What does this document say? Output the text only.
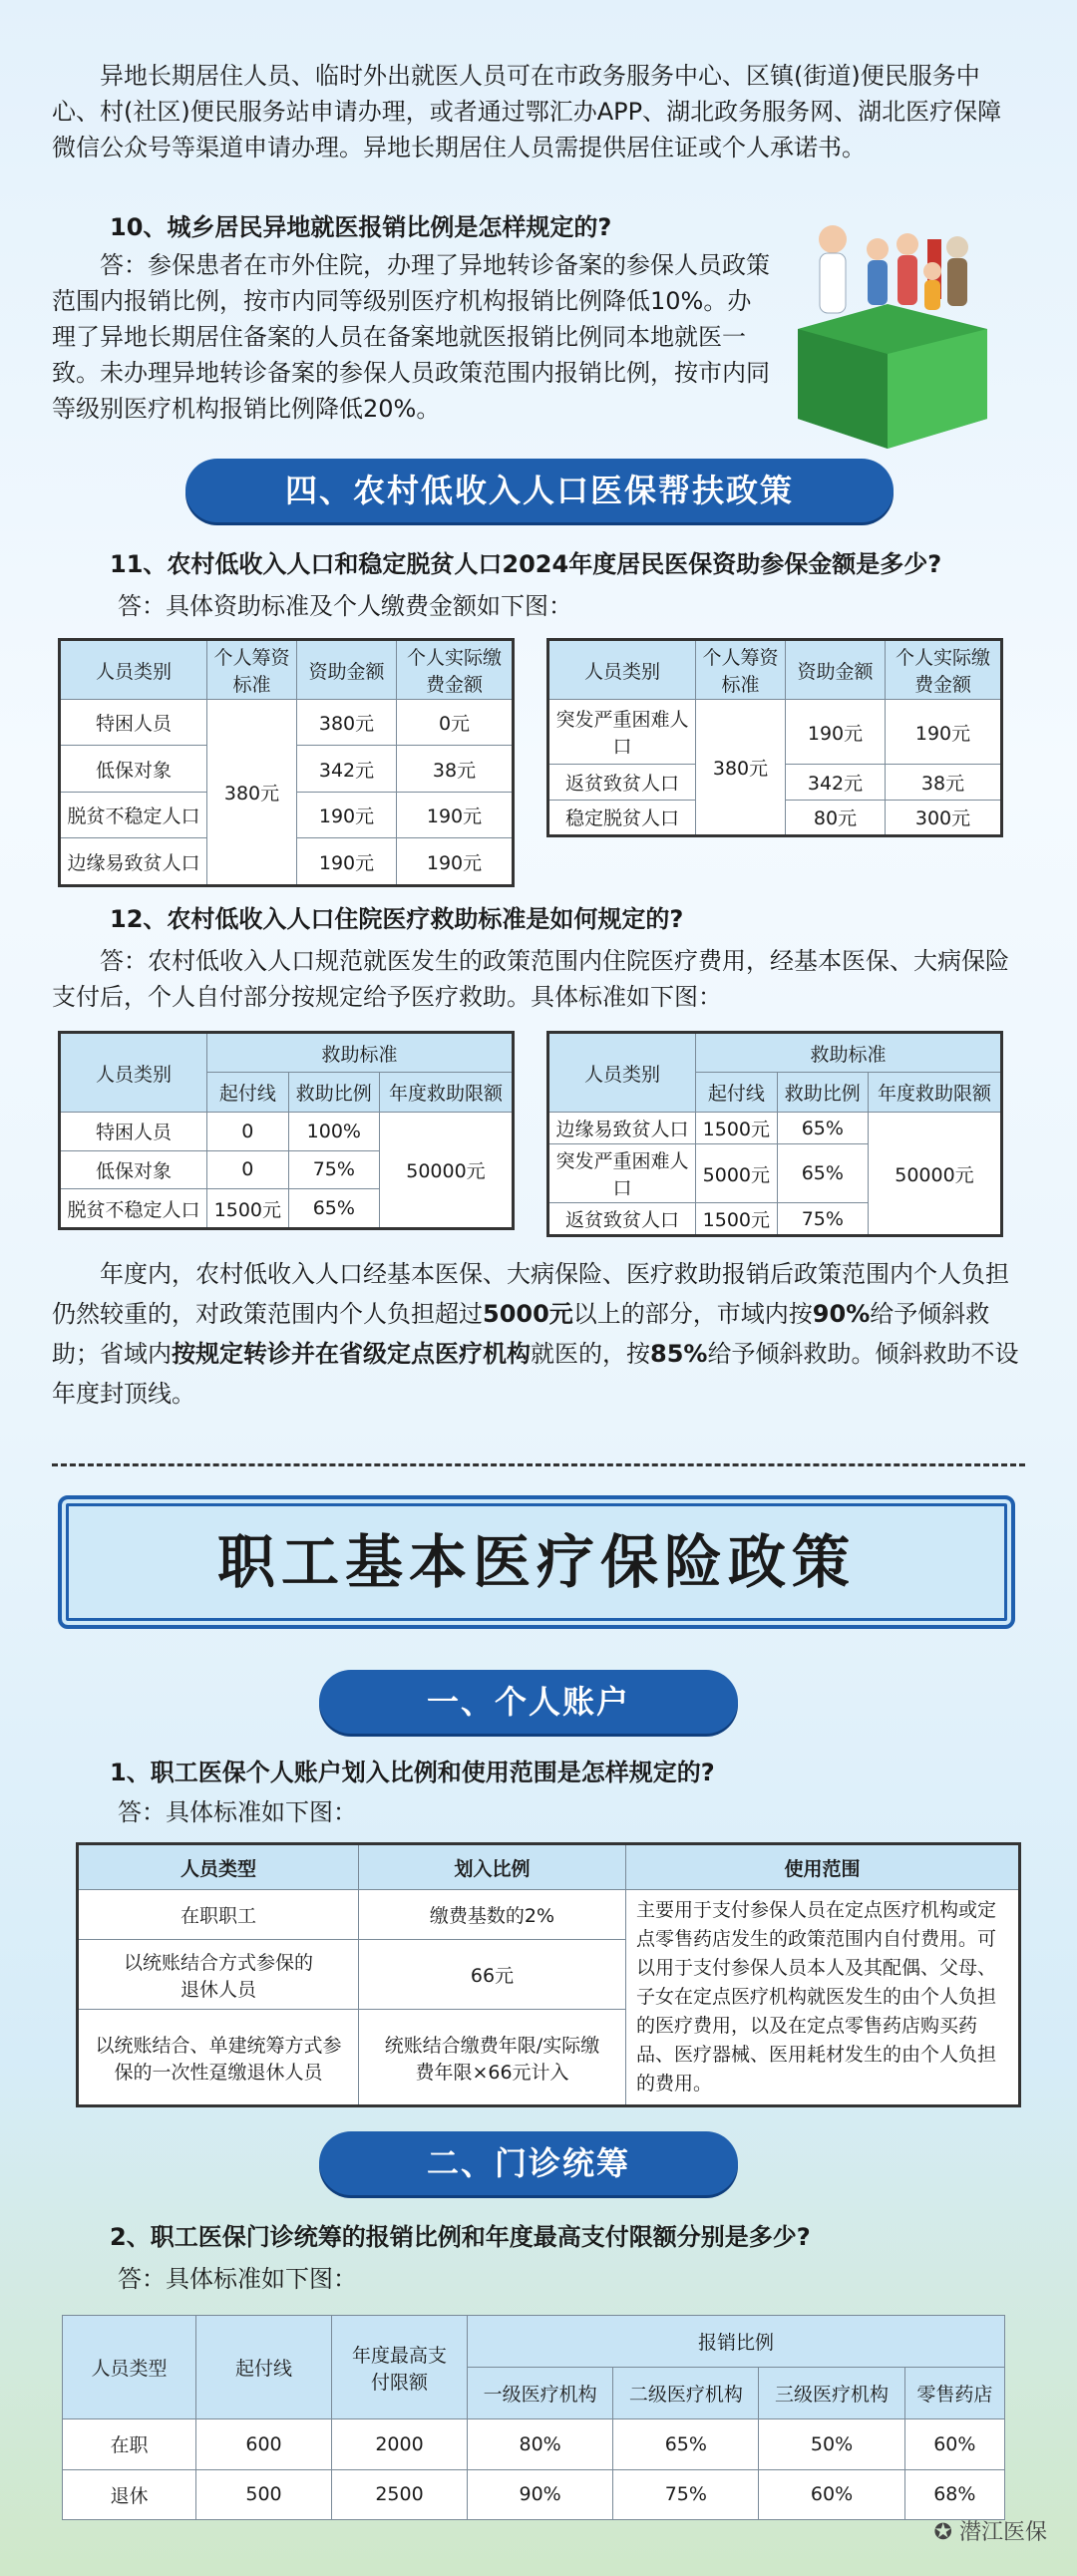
异地长期居住人员、临时外出就医人员可在市政务服务中心、区镇(街道)便民服务中心、村(社区)便民服务站申请办理，或者通过鄂汇办APP、湖北政务服务网、湖北医疗保障微信公众号等渠道申请办理。异地长期居住人员需提供居住证或个人承诺书。
10、城乡居民异地就医报销比例是怎样规定的?
答：参保患者在市外住院，办理了异地转诊备案的参保人员政策范围内报销比例，按市内同等级别医疗机构报销比例降低10%。办理了异地长期居住备案的人员在备案地就医报销比例同本地就医一致。未办理异地转诊备案的参保人员政策范围内报销比例，按市内同等级别医疗机构报销比例降低20%。
四、农村低收入人口医保帮扶政策
11、农村低收入人口和稳定脱贫人口2024年度居民医保资助参保金额是多少?
答：具体资助标准及个人缴费金额如下图：
人员类别	个人筹资标准	资助金额	个人实际缴费金额
特困人员	380元	380元	0元
低保对象		342元	38元
脱贫不稳定人口		190元	190元
边缘易致贫人口		190元	190元
人员类别	个人筹资标准	资助金额	个人实际缴费金额
突发严重困难人口	380元	190元	190元
返贫致贫人口		342元	38元
稳定脱贫人口		80元	300元
12、农村低收入人口住院医疗救助标准是如何规定的?
答：农村低收入人口规范就医发生的政策范围内住院医疗费用，经基本医保、大病保险支付后，个人自付部分按规定给予医疗救助。具体标准如下图：
人员类别	救助标准		
	起付线	救助比例	年度救助限额
特困人员	0	100%	50000元
低保对象	0	75%	
脱贫不稳定人口	1500元	65%	
人员类别	救助标准		
	起付线	救助比例	年度救助限额
边缘易致贫人口	1500元	65%	50000元
突发严重困难人口	5000元	65%	
返贫致贫人口	1500元	75%	
年度内，农村低收入人口经基本医保、大病保险、医疗救助报销后政策范围内个人负担仍然较重的，对政策范围内个人负担超过5000元以上的部分，市域内按90%给予倾斜救助；省域内按规定转诊并在省级定点医疗机构就医的，按85%给予倾斜救助。倾斜救助不设年度封顶线。
职工基本医疗保险政策
一、个人账户
1、职工医保个人账户划入比例和使用范围是怎样规定的?
答：具体标准如下图：
人员类型	划入比例	使用范围
在职职工	缴费基数的2%	主要用于支付参保人员在定点医疗机构或定点零售药店发生的政策范围内自付费用。可以用于支付参保人员本人及其配偶、父母、子女在定点医疗机构就医发生的由个人负担的医疗费用，以及在定点零售药店购买药品、医疗器械、医用耗材发生的由个人负担的费用。
以统账结合方式参保的退休人员	66元	
以统账结合、单建统筹方式参保的一次性趸缴退休人员	统账结合缴费年限/实际缴费年限×66元计入	
二、门诊统筹
2、职工医保门诊统筹的报销比例和年度最高支付限额分别是多少?
答：具体标准如下图：
人员类型	起付线	年度最高支付限额	报销比例			
			一级医疗机构	二级医疗机构	三级医疗机构	零售药店
在职	600	2000	80%	65%	50%	60%
退休	500	2500	90%	75%	60%	68%
✪ 潜江医保
